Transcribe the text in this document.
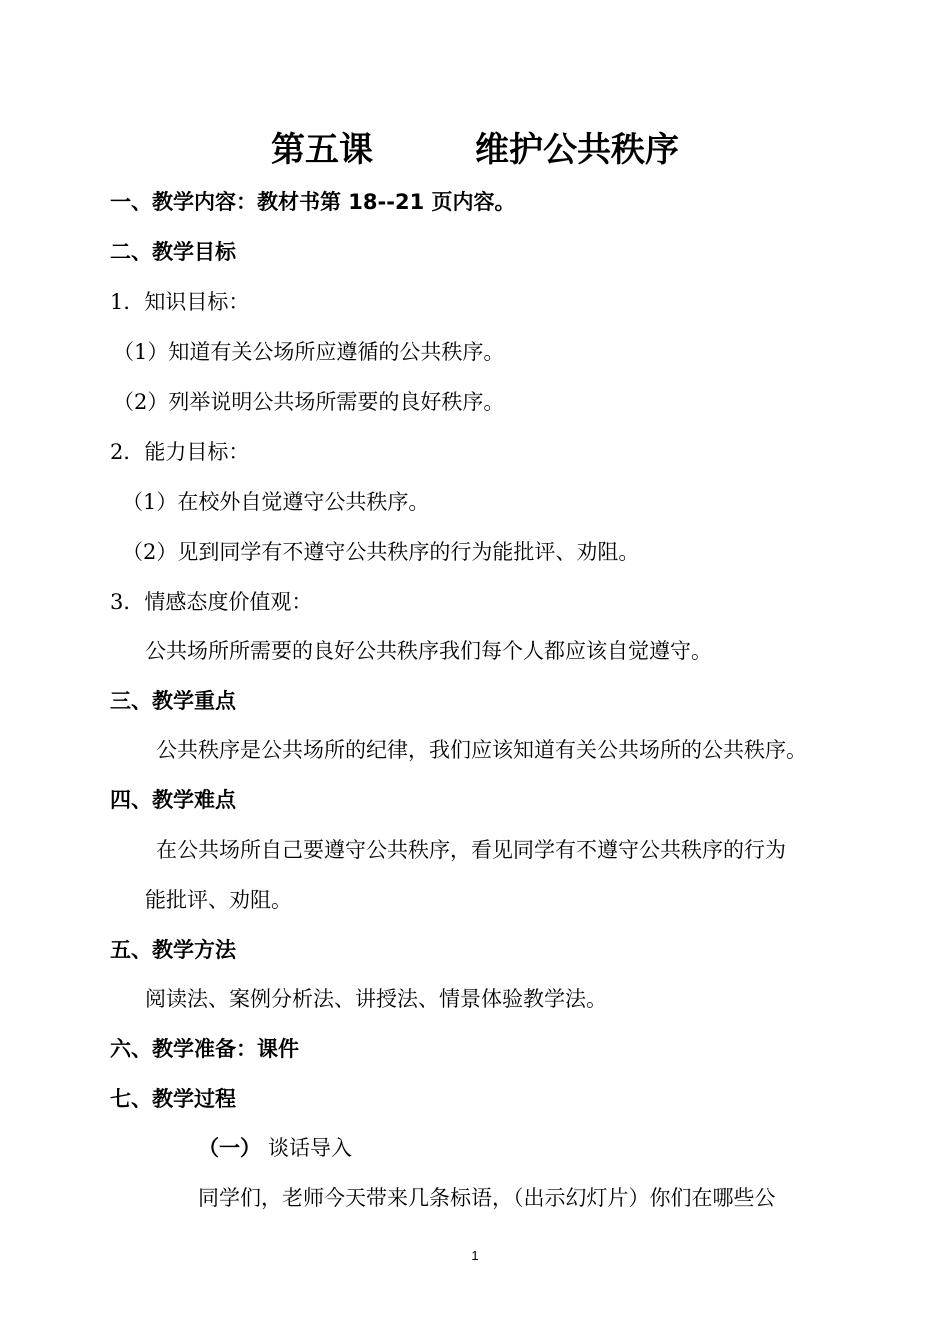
第五课　　　维护公共秩序
一、教学内容：教材书第 18--21 页内容。
二、教学目标
1．知识目标：
（1）知道有关公场所应遵循的公共秩序。
（2）列举说明公共场所需要的良好秩序。
2．能力目标：
（1）在校外自觉遵守公共秩序。
（2）见到同学有不遵守公共秩序的行为能批评、劝阻。
3．情感态度价值观：
公共场所所需要的良好公共秩序我们每个人都应该自觉遵守。
三、教学重点
公共秩序是公共场所的纪律，我们应该知道有关公共场所的公共秩序。
四、教学难点
在公共场所自己要遵守公共秩序，看见同学有不遵守公共秩序的行为
能批评、劝阻。
五、教学方法
阅读法、案例分析法、讲授法、情景体验教学法。
六、教学准备：课件
七、教学过程
（一） 谈话导入
同学们，老师今天带来几条标语，（出示幻灯片）你们在哪些公
1
